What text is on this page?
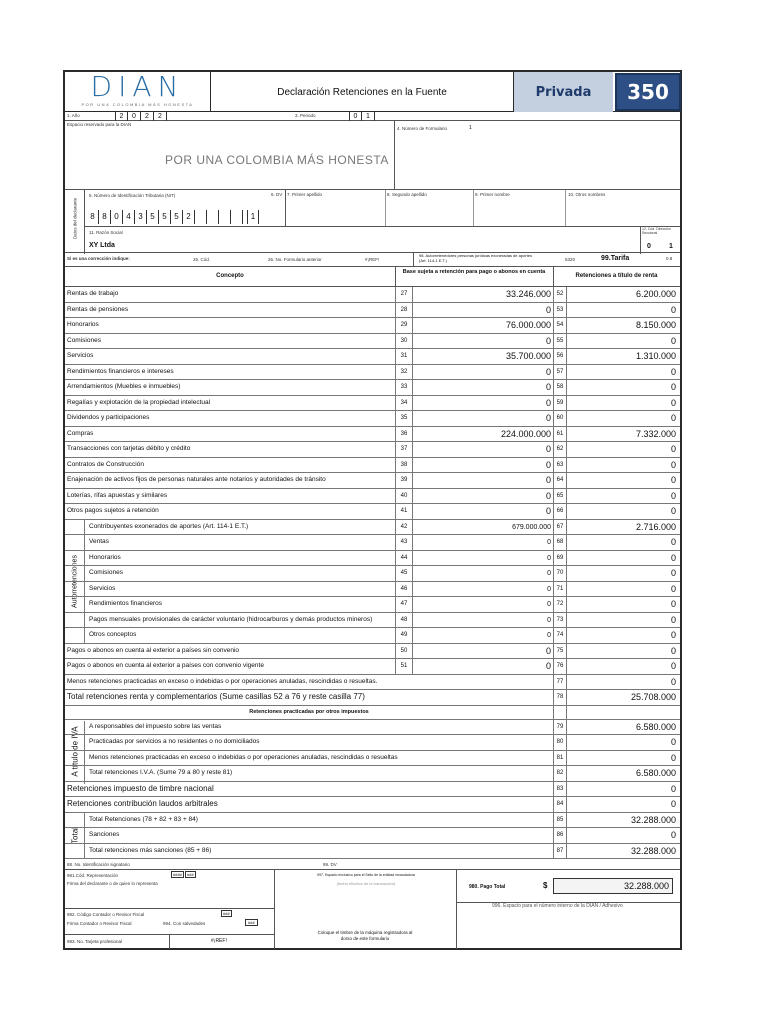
DIAN
POR UNA COLOMBIA MÁS HONESTA
Declaración Retenciones en la Fuente	Privada	350
1. Año	2	0	2	2	3. Periodo	0	1
Espacio reservado para la DIAN
POR UNA COLOMBIA MÁS HONESTA
4. Número de Formulario	1
Datos del declarante
5. Número de Identificación Tributaria (NIT)	6. DV 7. Primer apellido	8. Segundo apellido	9. Primer nombre	10. Otros nombres
8 8 0 4 3 5 5 5 2	1
11. Razón Social
XY Ltda
12. Cód. Dirección Seccional
0	1
Si es una corrección indique:	25. Cód.	26. No. Formulario anterior	#¡REF!
98. Autorretenedores personas jurídicas exoneradas de aportes (Art. 114-1 E.T.)	5320	99.Tarifa	0.8
Concepto
Base sujeta a retención para pago o abonos en cuenta
Retenciones a título de renta
Autorretenciones
A título de IVA
Total
88. No. Identificación signatario	89. DV
981.Cód. Representación	####	###
Firma del declarante o de quien lo representa
997. Espacio exclusivo para el Sello de la entidad recaudadora
(fecha efectiva de la transacción)
Coloque el timbre de la máquina registradora al dorso de este formulario
982. Código Contador o Revisor Fiscal	###
Firma Contador o Revisor Fiscal	994. Con salvedades	###
983. No. Tarjeta profesional	#¡REF!
980. Pago Total	$	32.288.000
Rentas de trabajo	27	33.246.000 52	6.200.000
Rentas de pensiones	28	0 53	0
Honorarios	29	76.000.000 54	8.150.000
Comisiones	30	0 55	0
Servicios	31	35.700.000 56	1.310.000
Rendimientos financieros e intereses	32	0 57	0
Arrendamientos (Muebles e inmuebles)	33	0 58	0
Regalías y explotación de la propiedad intelectual	34	0 59	0
Dividendos y participaciones	35	0 60	0
Compras	36	224.000.000 61	7.332.000
Transacciones con tarjetas débito y crédito	37	0 62	0
Contratos de Construcción	38	0 63	0
Enajenación de activos fijos de personas naturales ante notarios y autoridades de tránsito	39	0 64	0
Loterías, rifas apuestas y similares	40	0 65	0
Otros pagos sujetos a retención	41	0 66	0
Contribuyentes exonerados de aportes (Art. 114-1 E.T.)	42	679.000.000 67	2.716.000
Ventas	43	0 68	0
Honorarios	44	0 69	0
Comisiones	45	0 70	0
Servicios	46	0 71	0
Rendimientos financieros	47	0 72	0
Pagos mensuales provisionales de carácter voluntario (hidrocarburos y demás productos mineros)	48	0 73	0
Otros conceptos	49	0 74	0
Pagos o abonos en cuenta al exterior a países sin convenio	50	0 75	0
Pagos o abonos en cuenta al exterior a países con convenio vigente	51	0 76	0
Menos retenciones practicadas en exceso o indebidas o por operaciones anuladas, rescindidas o resueltas.	77	0
Total retenciones renta y complementarios (Sume casillas 52 a 76 y reste casilla 77)	78	25.708.000
Retenciones practicadas por otros impuestos
A responsables del impuesto sobre las ventas	79	6.580.000
Practicadas por servicios a no residentes o no domiciliados	80	0
Menos retenciones practicadas en exceso o indebidas o por operaciones anuladas, rescindidas o resueltas	81	0
Total retenciones I.V.A. (Sume 79 a 80 y reste 81)	82	6.580.000
Retenciones impuesto de timbre nacional	83	0
Retenciones contribución laudos arbitrales	84	0
Total Retenciones (78 + 82 + 83 + 84)	85	32.288.000
Sanciones	86	0
Total retenciones más sanciones (85 + 86)	87	32.288.000
996. Espacio para el número interno de la DIAN / Adhesivo
